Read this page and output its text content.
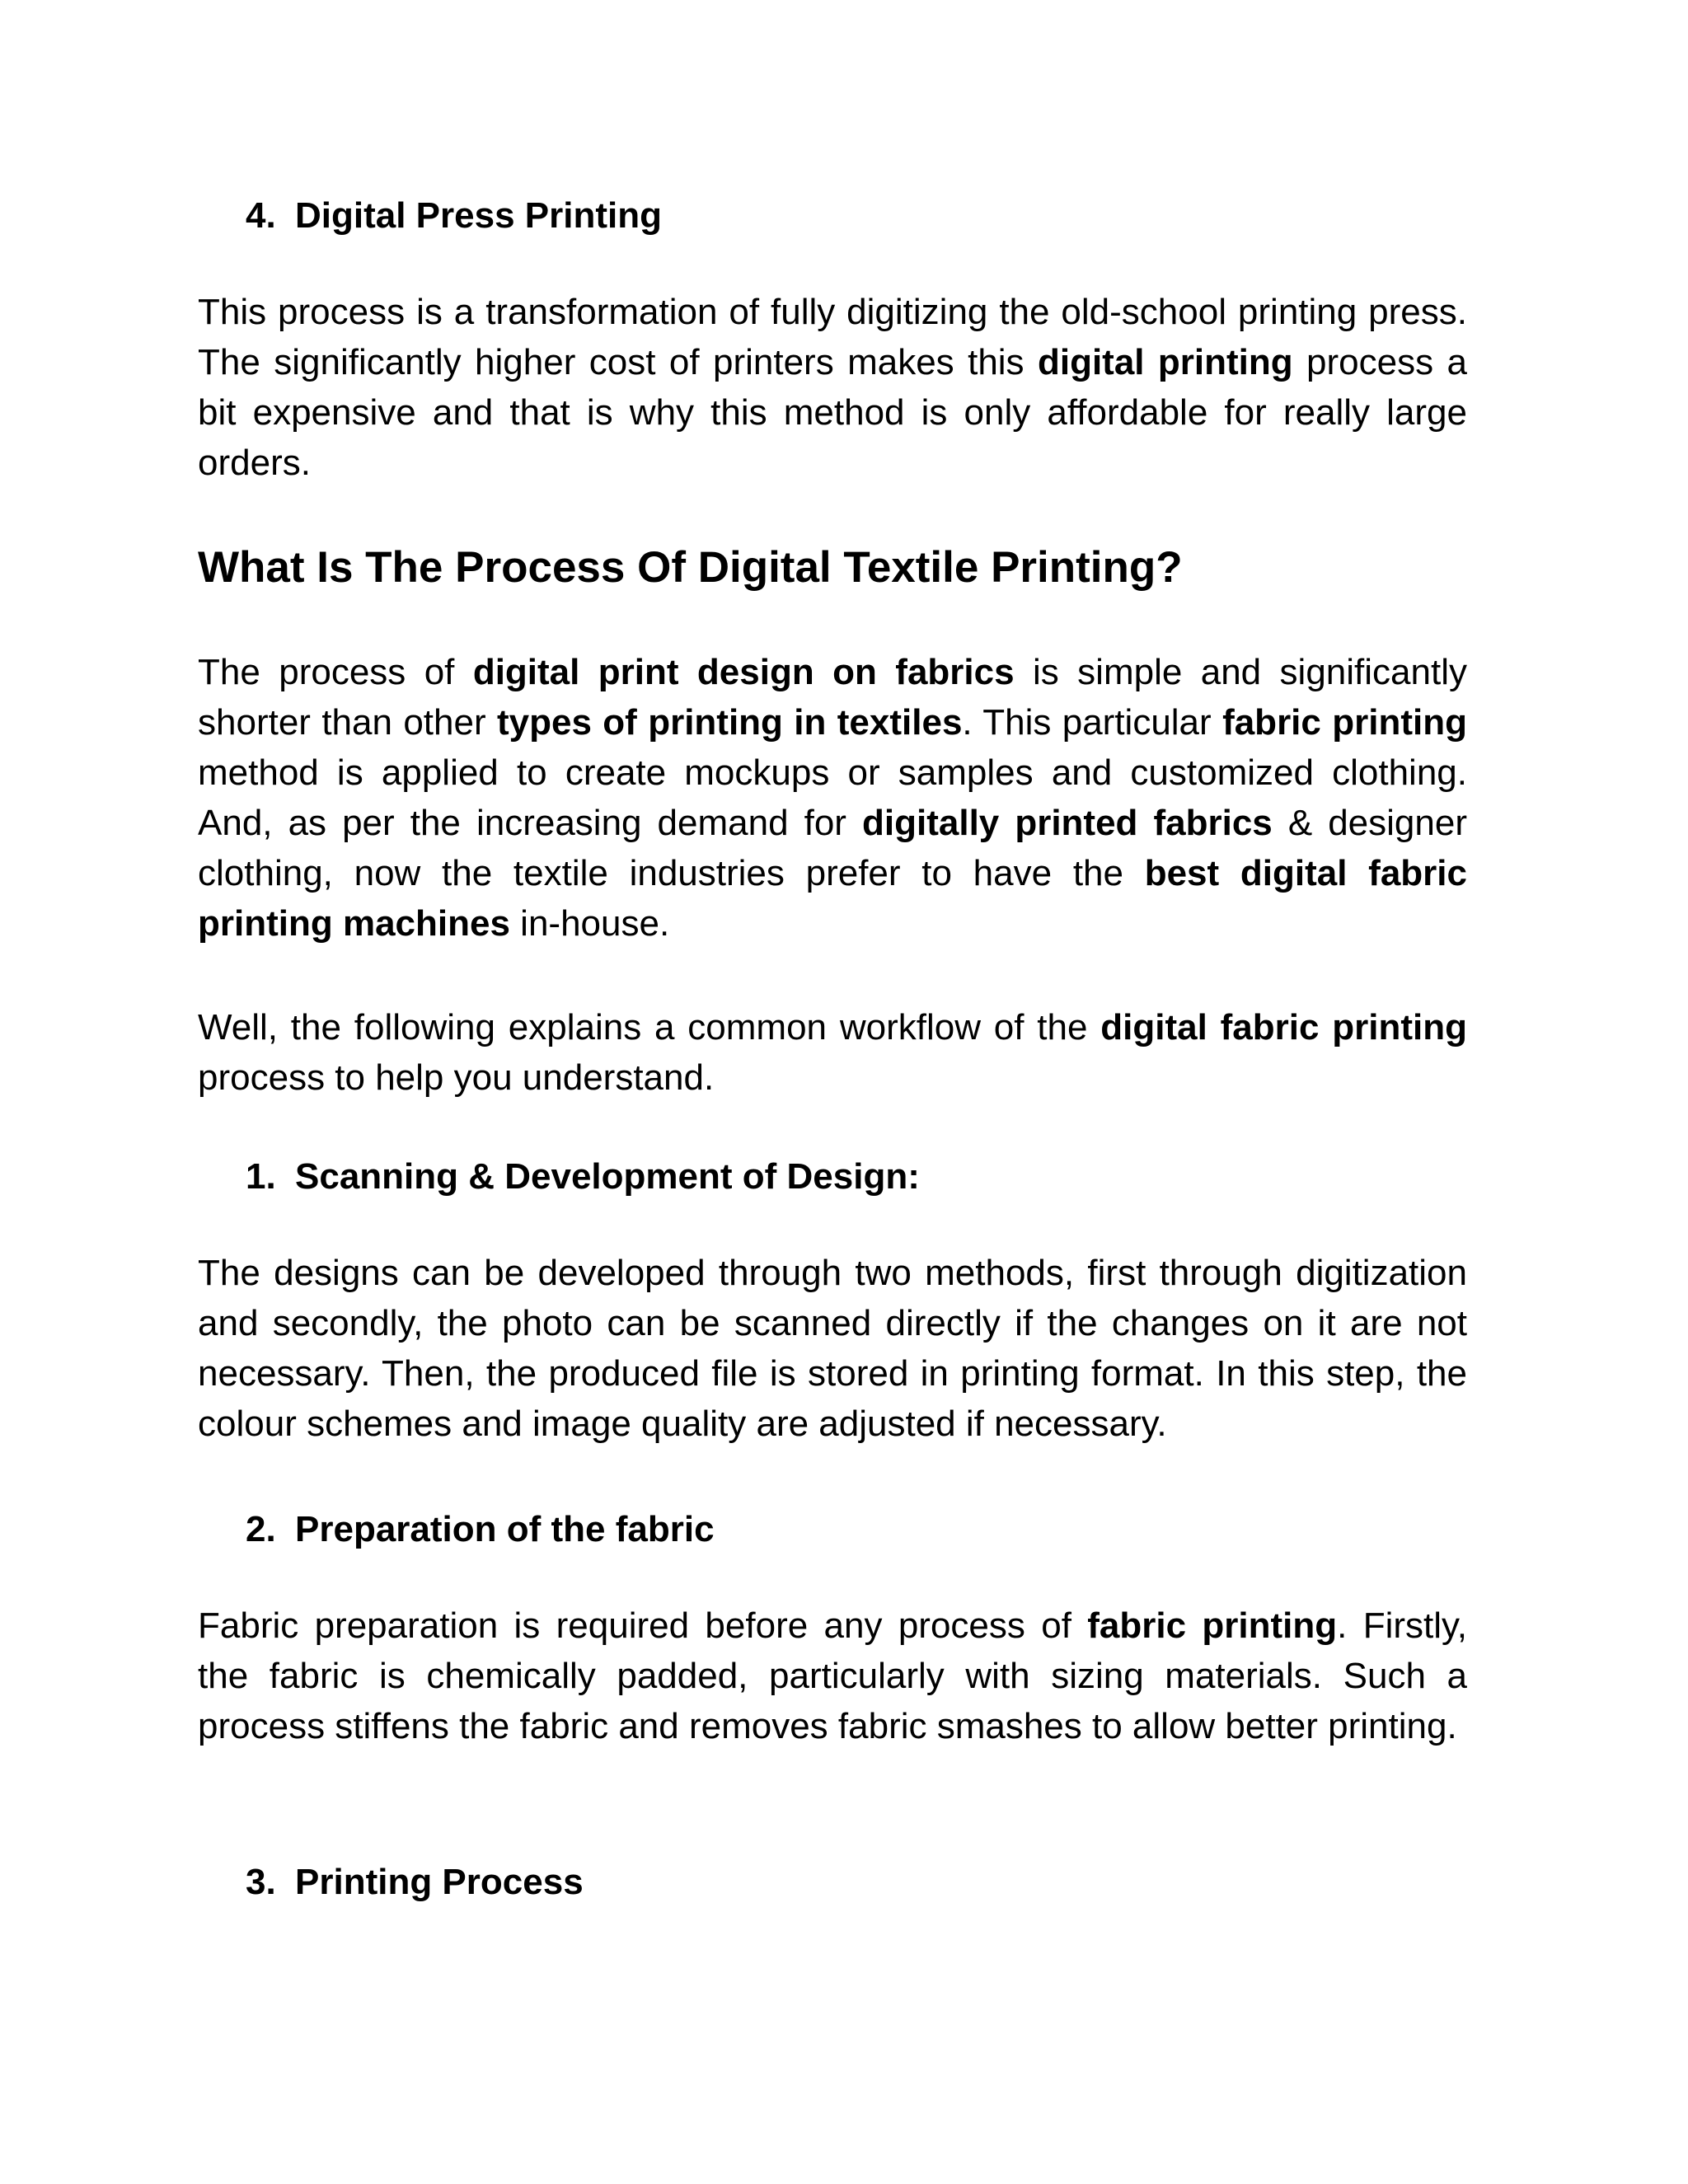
4. Digital Press Printing

This process is a transformation of fully digitizing the old-school printing press. The significantly higher cost of printers makes this digital printing process a bit expensive and that is why this method is only affordable for really large orders.

What Is The Process Of Digital Textile Printing?

The process of digital print design on fabrics is simple and significantly shorter than other types of printing in textiles. This particular fabric printing method is applied to create mockups or samples and customized clothing. And, as per the increasing demand for digitally printed fabrics & designer clothing, now the textile industries prefer to have the best digital fabric printing machines in-house.

Well, the following explains a common workflow of the digital fabric printing process to help you understand.

1. Scanning & Development of Design:

The designs can be developed through two methods, first through digitization and secondly, the photo can be scanned directly if the changes on it are not necessary. Then, the produced file is stored in printing format. In this step, the colour schemes and image quality are adjusted if necessary.

2. Preparation of the fabric

Fabric preparation is required before any process of fabric printing. Firstly, the fabric is chemically padded, particularly with sizing materials. Such a process stiffens the fabric and removes fabric smashes to allow better printing.

3. Printing Process
